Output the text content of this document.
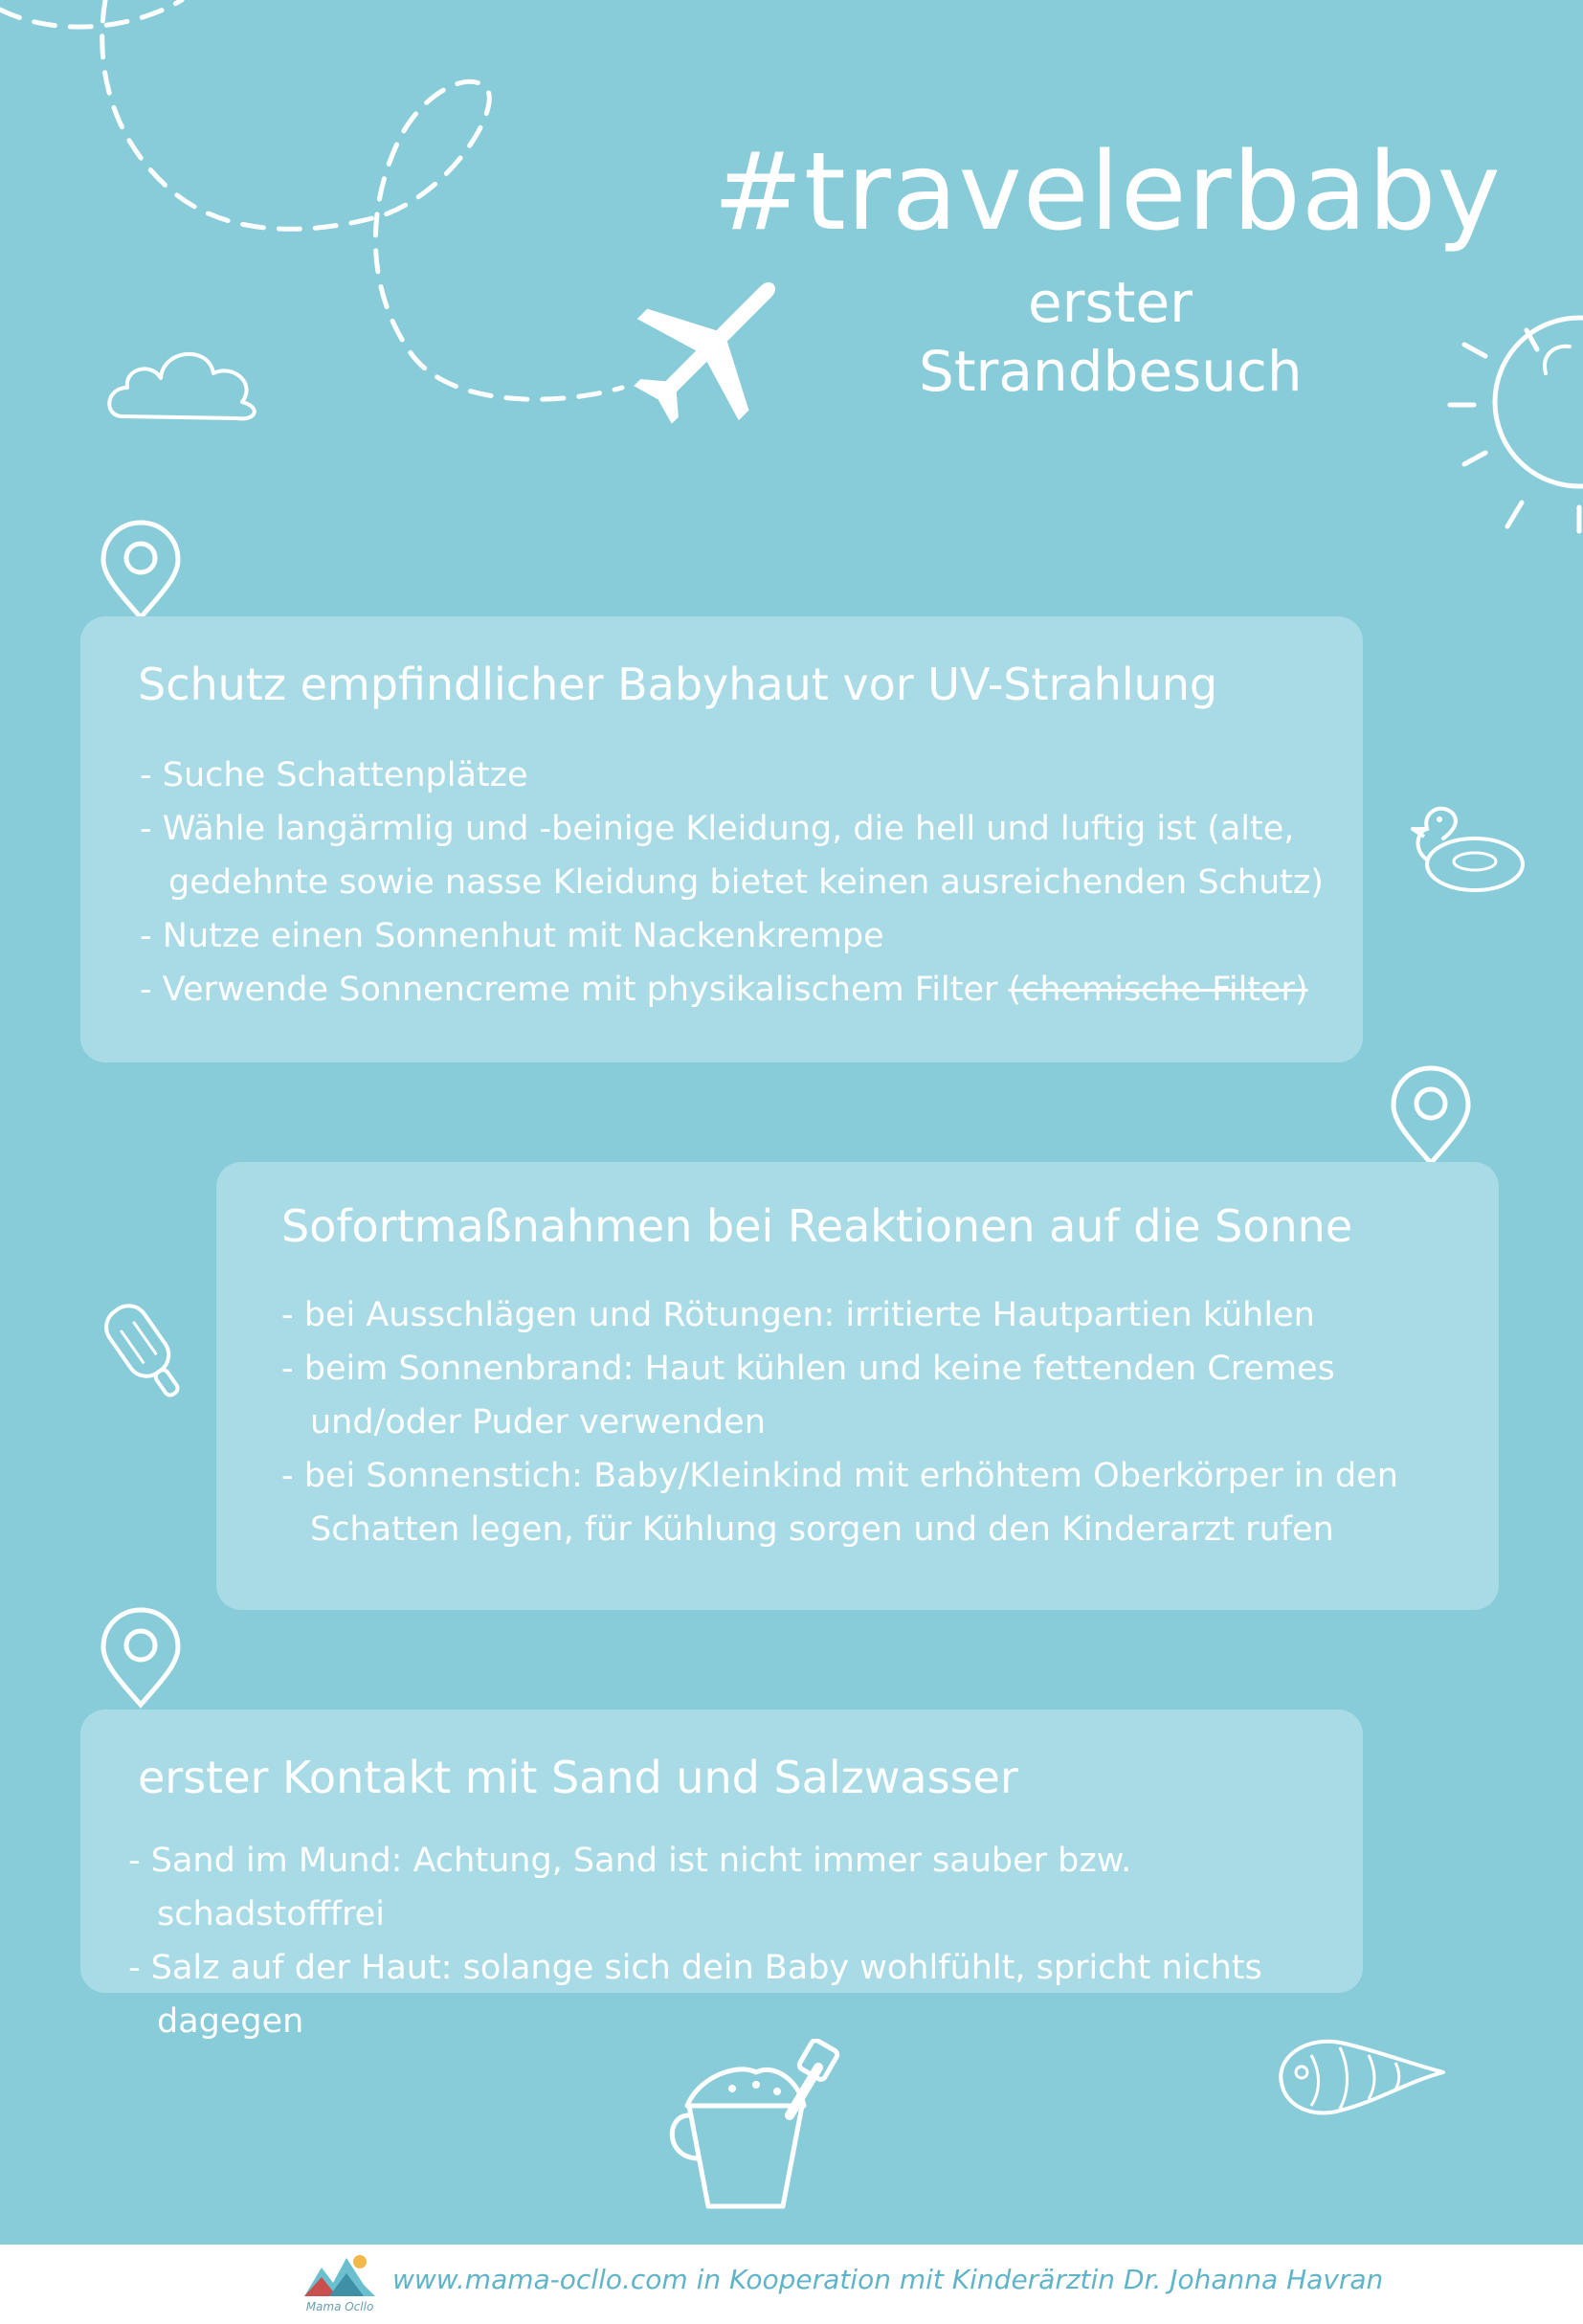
#travelerbaby
erster
Strandbesuch
Schutz empfindlicher Babyhaut vor UV-Strahlung
- Suche Schattenplätze
- Wähle langärmlig und -beinige Kleidung, die hell und luftig ist (alte, gedehnte sowie nasse Kleidung bietet keinen ausreichenden Schutz)
- Nutze einen Sonnenhut mit Nackenkrempe
- Verwende Sonnencreme mit physikalischem Filter (chemische Filter)
Sofortmaßnahmen bei Reaktionen auf die Sonne
- bei Ausschlägen und Rötungen: irritierte Hautpartien kühlen
- beim Sonnenbrand: Haut kühlen und keine fettenden Cremes und/oder Puder verwenden
- bei Sonnenstich: Baby/Kleinkind mit erhöhtem Oberkörper in den Schatten legen, für Kühlung sorgen und den Kinderarzt rufen
erster Kontakt mit Sand und Salzwasser
- Sand im Mund: Achtung, Sand ist nicht immer sauber bzw. schadstofffrei
- Salz auf der Haut: solange sich dein Baby wohlfühlt, spricht nichts dagegen
Mama Ocllo
www.mama-ocllo.com in Kooperation mit Kinderärztin Dr. Johanna Havran
